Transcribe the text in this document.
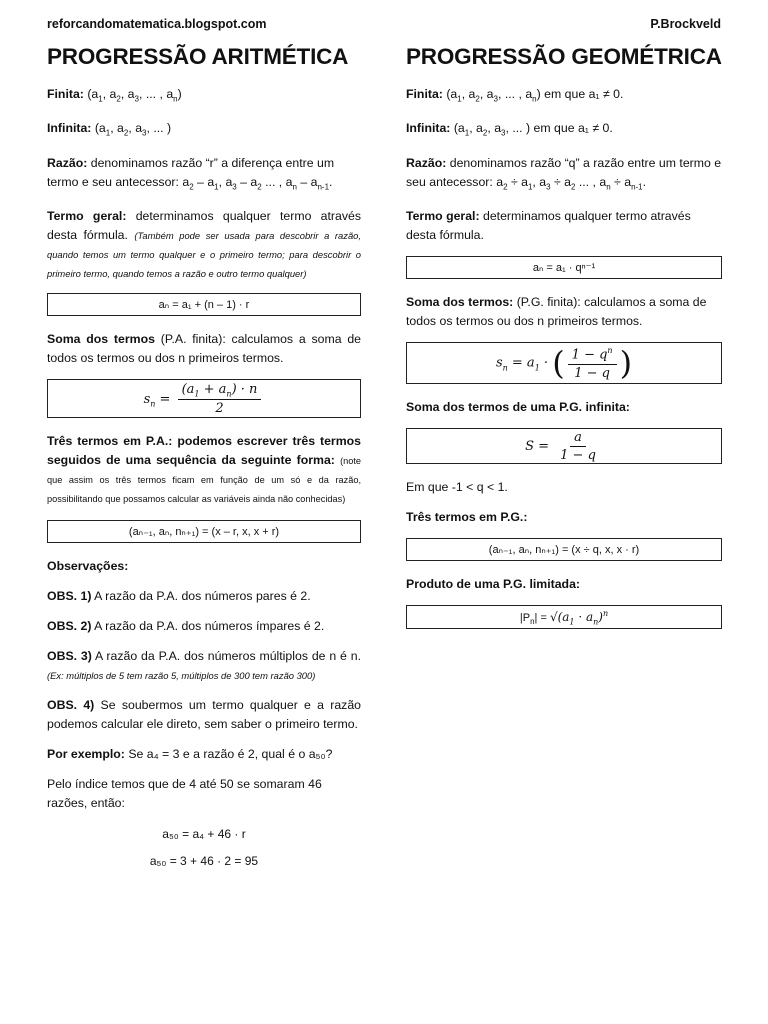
reforcandomatematica.blogspot.com	P.Brockveld
PROGRESSÃO ARITMÉTICA
Finita: ($a_1$, $a_2$, $a_3$, ... , $a_n$)
Infinita: ($a_1$, $a_2$, $a_3$, ... )
Razão: denominamos razão “r” a diferença entre um termo e seu antecessor: $a_2 - a_1$, $a_3 - a_2$ ... , $a_n - a_{n-1}$.
Termo geral: determinamos qualquer termo através desta fórmula. (Também pode ser usada para descobrir a razão, quando temos um termo qualquer e o primeiro termo; para descobrir o primeiro termo, quando temos a razão e outro termo qualquer)
aₙ = a₁ + (n – 1) · r
Soma dos termos (P.A. finita): calculamos a soma de todos os termos ou dos n primeiros termos.
$s_n = \frac{(a_1 + a_n) \cdot n}{2}$
Três termos em P.A.: podemos escrever três termos seguidos de uma sequência da seguinte forma: (note que assim os três termos ficam em função de um só e da razão, possibilitando que possamos calcular as variáveis ainda não conhecidas)
(aₙ₋₁, aₙ, nₙ₊₁) = (x – r, x, x + r)
Observações:
OBS. 1) A razão da P.A. dos números pares é 2.
OBS. 2) A razão da P.A. dos números ímpares é 2.
OBS. 3) A razão da P.A. dos números múltiplos de n é n. (Ex: múltiplos de 5 tem razão 5, múltiplos de 300 tem razão 300)
OBS. 4) Se soubermos um termo qualquer e a razão podemos calcular ele direto, sem saber o primeiro termo.
Por exemplo: Se a₄ = 3 e a razão é 2, qual é o a₅₀?
Pelo índice temos que de 4 até 50 se somaram 46 razões, então:
a₅₀ = a₄ + 46 · r
a₅₀ = 3 + 46 · 2 = 95
PROGRESSÃO GEOMÉTRICA
Finita: ($a_1$, $a_2$, $a_3$, ... , $a_n$) em que a₁ ≠ 0.
Infinita: ($a_1$, $a_2$, $a_3$, ... ) em que a₁ ≠ 0.
Razão: denominamos razão “q” a razão entre um termo e seu antecessor: $a_2 \div a_1$, $a_3 \div a_2$ ... , $a_n \div a_{n-1}$.
Termo geral: determinamos qualquer termo através desta fórmula.
aₙ = a₁ · qⁿ⁻¹
Soma dos termos: (P.G. finita): calculamos a soma de todos os termos ou dos n primeiros termos.
$s_n = a_1$ · ( $\frac{1 - q^n}{1 - q}$ )
Soma dos termos de uma P.G. infinita:
$S = \frac{a}{1 - q}$
Em que -1 < q < 1.
Três termos em P.G.:
(aₙ₋₁, aₙ, nₙ₊₁) = (x ÷ q, x, x · r)
Produto de uma P.G. limitada:
$|P_n| = √(a_1 \cdot a_n)^n$
